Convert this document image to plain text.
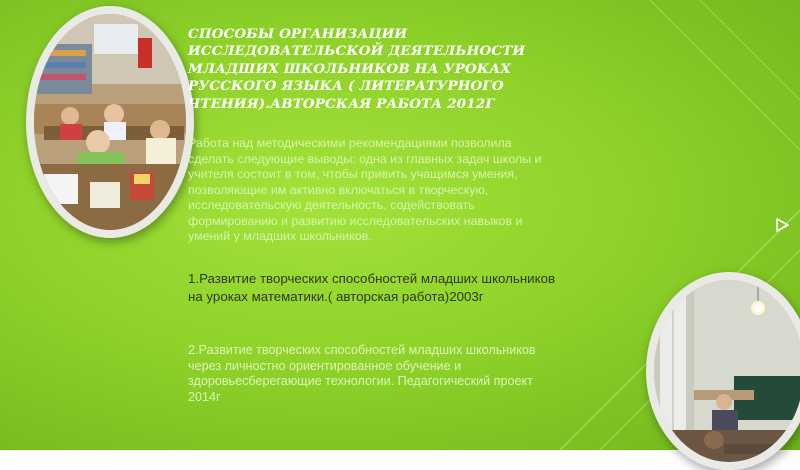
СПОСОБЫ ОРГАНИЗАЦИИ ИССЛЕДОВАТЕЛЬСКОЙ ДЕЯТЕЛЬНОСТИ МЛАДШИХ ШКОЛЬНИКОВ НА УРОКАХ РУССКОГО ЯЗЫКА ( ЛИТЕРАТУРНОГО ЧТЕНИЯ).АВТОРСКАЯ РАБОТА 2012Г

Работа над методическими рекомендациями позволила сделать следующие выводы: одна из главных задач школы и учителя состоит в том, чтобы привить учащимся умения, позволяющие им активно включаться в творческую, исследовательскую деятельность, содействовать формированию и развитию исследовательских навыков и умений у младших школьников.

1.Развитие творческих способностей младших школьников на уроках математики.( авторская работа)2003г

2.Развитие творческих способностей младших школьников через личностно ориентированное обучение и здоровьесберегающие технологии. Педагогический проект 2014г
